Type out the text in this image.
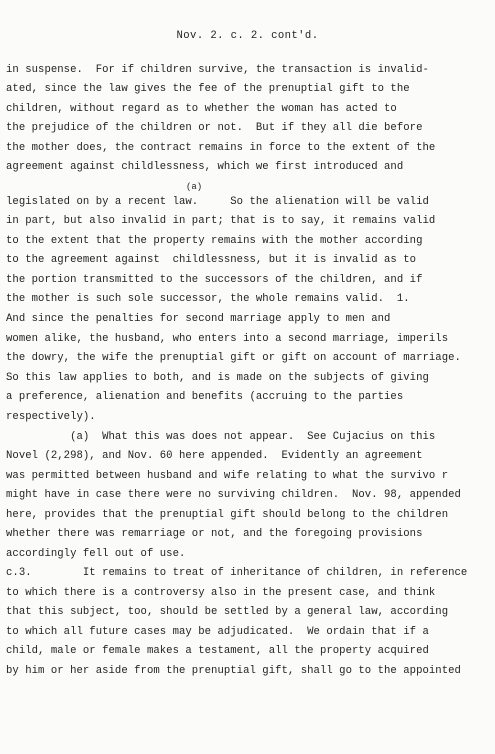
Nov. 2. c. 2. cont'd.
(a)
in suspense.  For if children survive, the transaction is invalid-
ated, since the law gives the fee of the prenuptial gift to the
children, without regard as to whether the woman has acted to
the prejudice of the children or not.  But if they all die before
the mother does, the contract remains in force to the extent of the
agreement against childlessness, which we first introduced and
legislated on by a recent law.     So the alienation will be valid
in part, but also invalid in part; that is to say, it remains valid
to the extent that the property remains with the mother according
to the agreement against  childlessness, but it is invalid as to
the portion transmitted to the successors of the children, and if
the mother is such sole successor, the whole remains valid.  1.
And since the penalties for second marriage apply to men and
women alike, the husband, who enters into a second marriage, imperils
the dowry, the wife the prenuptial gift or gift on account of marriage.
So this law applies to both, and is made on the subjects of giving
a preference, alienation and benefits (accruing to the parties
respectively).
(a)  What this was does not appear.  See Cujacius on this
Novel (2,298), and Nov. 60 here appended.  Evidently an agreement
was permitted between husband and wife relating to what the survivo r
might have in case there were no surviving children.  Nov. 98, appended
here, provides that the prenuptial gift should belong to the children
whether there was remarriage or not, and the foregoing provisions
accordingly fell out of use.
c.3.        It remains to treat of inheritance of children, in reference
to which there is a controversy also in the present case, and think
that this subject, too, should be settled by a general law, according
to which all future cases may be adjudicated.  We ordain that if a
child, male or female makes a testament, all the property acquired
by him or her aside from the prenuptial gift, shall go to the appointed
